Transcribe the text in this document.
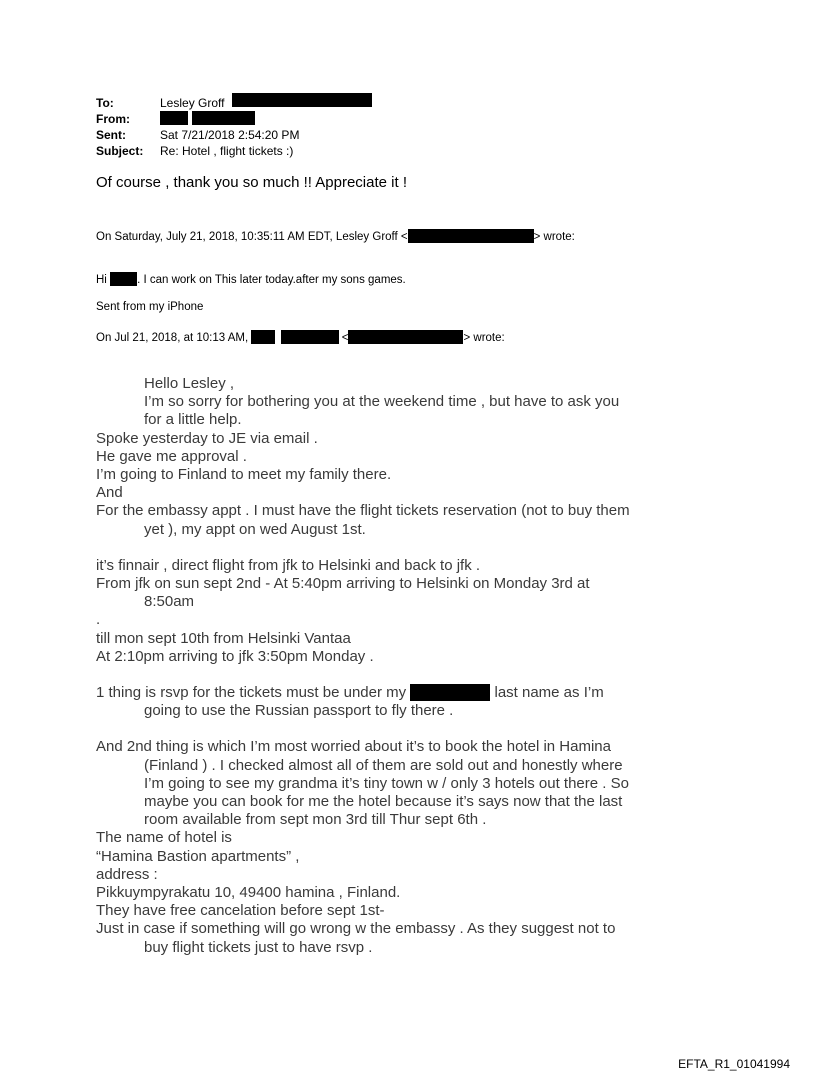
To:	Lesley Groff
From:
Sent:	Sat 7/21/2018 2:54:20 PM
Subject: Re: Hotel , flight tickets :)
Of course , thank you so much !! Appreciate it !
On Saturday, July 21, 2018, 10:35:11 AM EDT, Lesley Groff <	> wrote:
Hi	. I can work on This later today.after my sons games.
Sent from my iPhone
On Jul 21, 2018, at 10:13 AM,	<	> wrote:
Hello Lesley ,
I’m so sorry for bothering you at the weekend time , but have to ask you
for a little help.
Spoke yesterday to JE via email .
He gave me approval .
I’m going to Finland to meet my family there.
And
For the embassy appt . I must have the flight tickets reservation (not to buy them
yet ), my appt on wed August 1st.
it’s finnair , direct flight from jfk to Helsinki and back to jfk .
From jfk on sun sept 2nd - At 5:40pm arriving to Helsinki on Monday 3rd at
8:50am
.
till mon sept 10th from Helsinki Vantaa
At 2:10pm arriving to jfk 3:50pm Monday .
1 thing is rsvp for the tickets must be under my	last name as I’m
going to use the Russian passport to fly there .
And 2nd thing is which I’m most worried about it’s to book the hotel in Hamina
(Finland ) . I checked almost all of them are sold out and honestly where
I’m going to see my grandma it’s tiny town w / only 3 hotels out there . So
maybe you can book for me the hotel because it’s says now that the last
room available from sept mon 3rd till Thur sept 6th .
The name of hotel is
“Hamina Bastion apartments” ,
address :
Pikkuympyrakatu 10, 49400 hamina , Finland.
They have free cancelation before sept 1st-
Just in case if something will go wrong w the embassy . As they suggest not to
buy flight tickets just to have rsvp .
EFTA_R1_01041994
